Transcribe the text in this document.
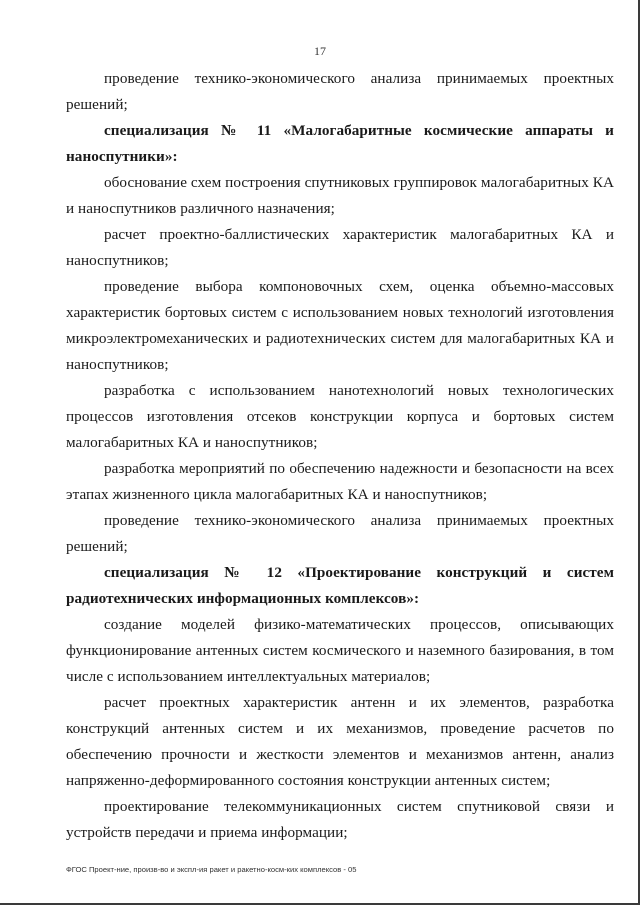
17

проведение технико-экономического анализа принимаемых проектных решений;

специализация № 11 «Малогабаритные космические аппараты и наноспутники»:

обоснование схем построения спутниковых группировок малогабаритных КА и наноспутников различного назначения;

расчет проектно-баллистических характеристик малогабаритных КА и наноспутников;

проведение выбора компоновочных схем, оценка объемно-массовых характеристик бортовых систем с использованием новых технологий изготовления микроэлектромеханических и радиотехнических систем для малогабаритных КА и наноспутников;

разработка с использованием нанотехнологий новых технологических процессов изготовления отсеков конструкции корпуса и бортовых систем малогабаритных КА и наноспутников;

разработка мероприятий по обеспечению надежности и безопасности на всех этапах жизненного цикла малогабаритных КА и наноспутников;

проведение технико-экономического анализа принимаемых проектных решений;

специализация № 12 «Проектирование конструкций и систем радиотехнических информационных комплексов»:

создание моделей физико-математических процессов, описывающих функционирование антенных систем космического и наземного базирования, в том числе с использованием интеллектуальных материалов;

расчет проектных характеристик антенн и их элементов, разработка конструкций антенных систем и их механизмов, проведение расчетов по обеспечению прочности и жесткости элементов и механизмов антенн, анализ напряженно-деформированного состояния конструкции антенных систем;

проектирование телекоммуникационных систем спутниковой связи и устройств передачи и приема информации;

ФГОС Проект-ние, произв-во и экспл-ия ракет и ракетно-косм-ких комплексов - 05
